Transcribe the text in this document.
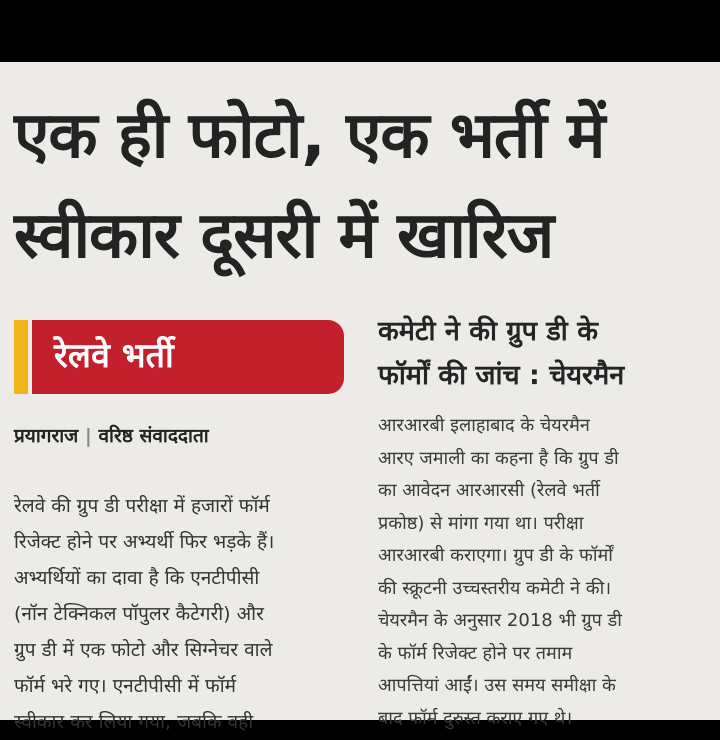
एक ही फोटो, एक भर्ती में
स्वीकार दूसरी में खारिज
रेलवे भर्ती
प्रयागराज | वरिष्ठ संवाददाता
रेलवे की ग्रुप डी परीक्षा में हजारों फॉर्म
रिजेक्ट होने पर अभ्यर्थी फिर भड़के हैं।
अभ्यर्थियों का दावा है कि एनटीपीसी
(नॉन टेक्निकल पॉपुलर कैटेगरी) और
ग्रुप डी में एक फोटो और सिग्नेचर वाले
फॉर्म भरे गए। एनटीपीसी में फॉर्म
स्वीकार कर लिया गया, जबकि वही
कमेटी ने की ग्रुप डी के
फॉर्मों की जांच : चेयरमैन
आरआरबी इलाहाबाद के चेयरमैन
आरए जमाली का कहना है कि ग्रुप डी
का आवेदन आरआरसी (रेलवे भर्ती
प्रकोष्ठ) से मांगा गया था। परीक्षा
आरआरबी कराएगा। ग्रुप डी के फॉर्मों
की स्क्रूटनी उच्चस्तरीय कमेटी ने की।
चेयरमैन के अनुसार 2018 भी ग्रुप डी
के फॉर्म रिजेक्ट होने पर तमाम
आपत्तियां आईं। उस समय समीक्षा के
बाद फॉर्म दुरुस्त कराए गए थे।
